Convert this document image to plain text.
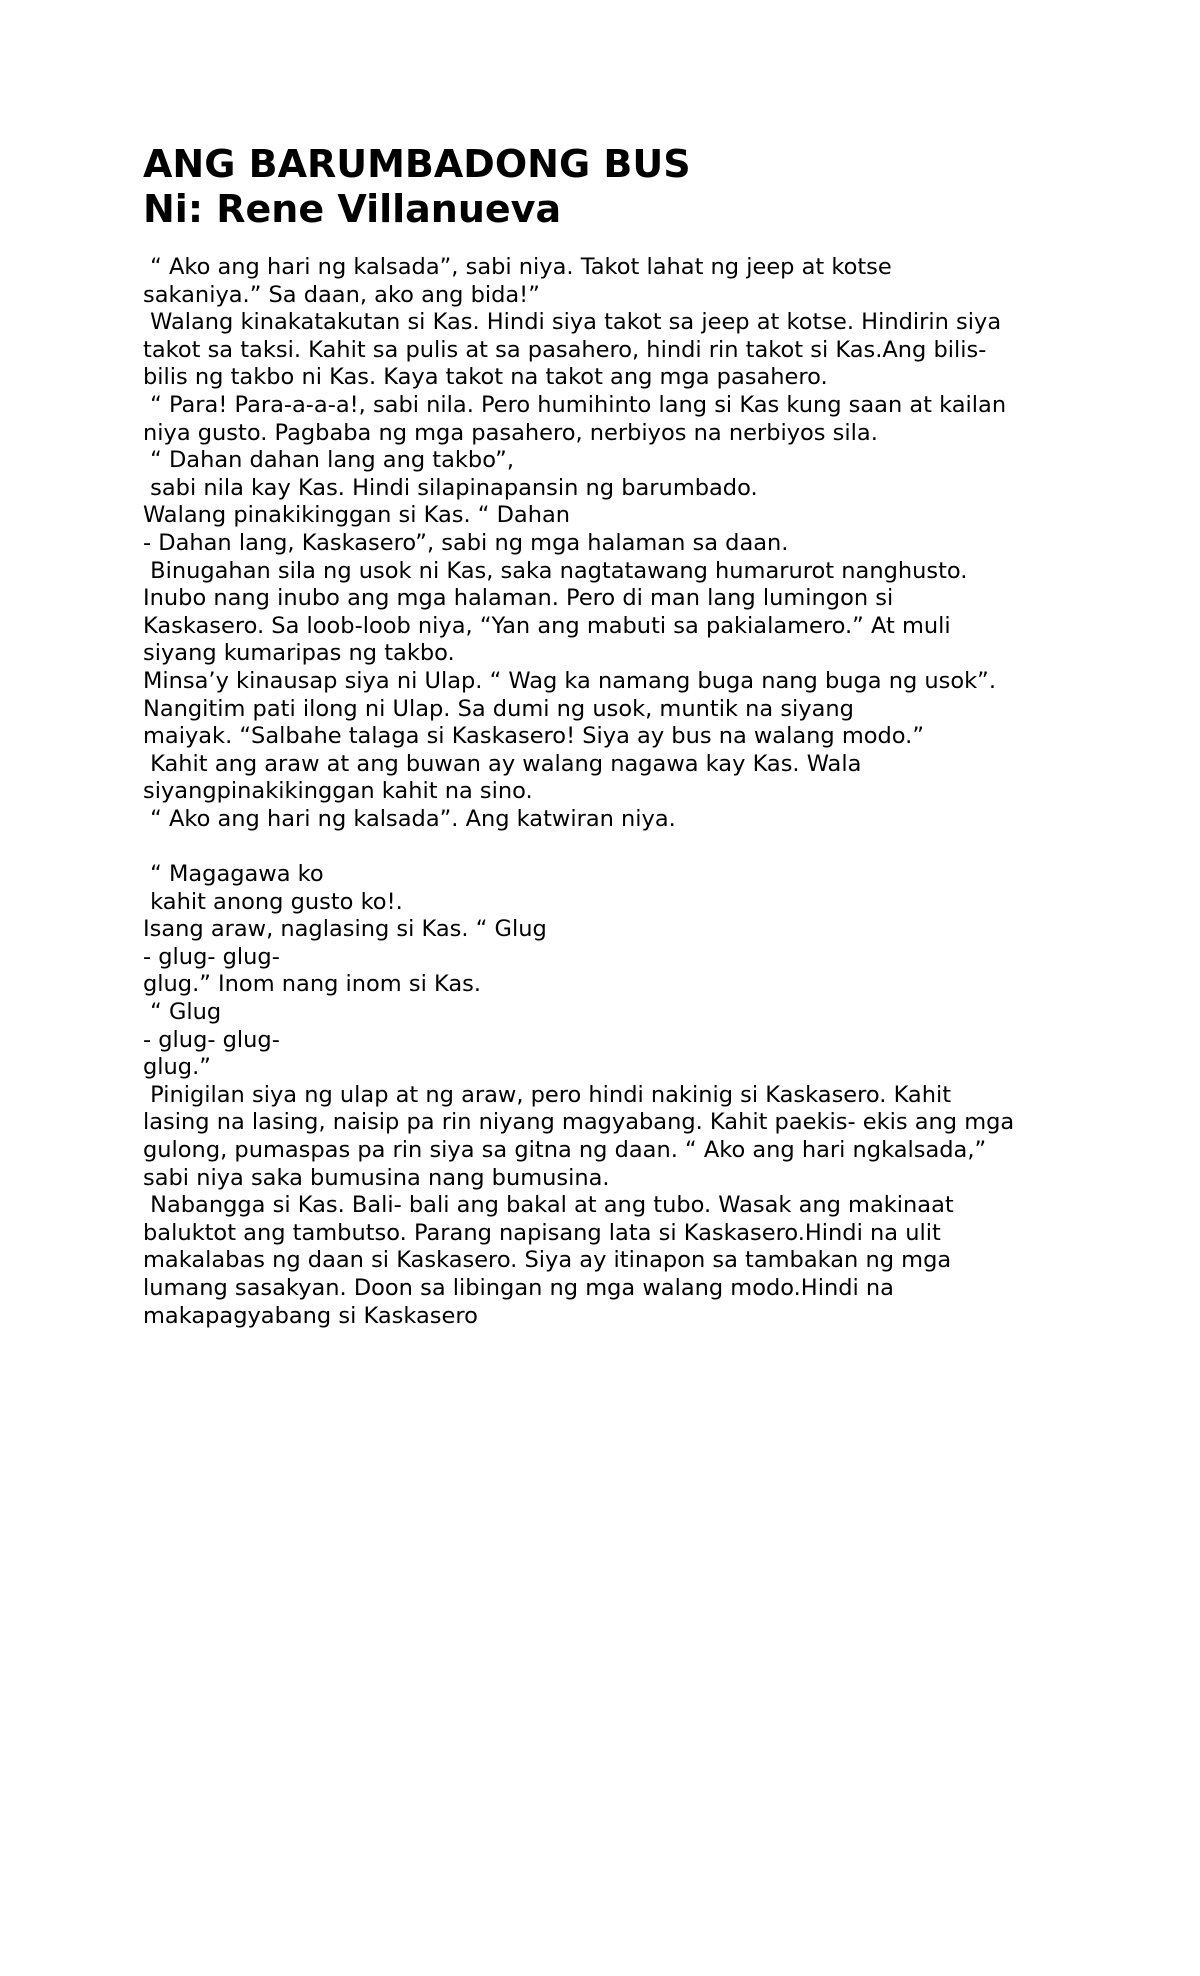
ANG BARUMBADONG BUS
Ni: Rene Villanueva
“ Ako ang hari ng kalsada”, sabi niya. Takot lahat ng jeep at kotse
sakaniya.” Sa daan, ako ang bida!”
Walang kinakatakutan si Kas. Hindi siya takot sa jeep at kotse. Hindirin siya
takot sa taksi. Kahit sa pulis at sa pasahero, hindi rin takot si Kas.Ang bilis-
bilis ng takbo ni Kas. Kaya takot na takot ang mga pasahero.
“ Para! Para-a-a-a!, sabi nila. Pero humihinto lang si Kas kung saan at kailan
niya gusto. Pagbaba ng mga pasahero, nerbiyos na nerbiyos sila.
“ Dahan dahan lang ang takbo”,
sabi nila kay Kas. Hindi silapinapansin ng barumbado.
Walang pinakikinggan si Kas. “ Dahan
- Dahan lang, Kaskasero”, sabi ng mga halaman sa daan.
Binugahan sila ng usok ni Kas, saka nagtatawang humarurot nanghusto.
Inubo nang inubo ang mga halaman. Pero di man lang lumingon si
Kaskasero. Sa loob-loob niya, “Yan ang mabuti sa pakialamero.” At muli
siyang kumaripas ng takbo.
Minsa’y kinausap siya ni Ulap. “ Wag ka namang buga nang buga ng usok”.
Nangitim pati ilong ni Ulap. Sa dumi ng usok, muntik na siyang
maiyak. “Salbahe talaga si Kaskasero! Siya ay bus na walang modo.”
Kahit ang araw at ang buwan ay walang nagawa kay Kas. Wala
siyangpinakikinggan kahit na sino.
“ Ako ang hari ng kalsada”. Ang katwiran niya.
“ Magagawa ko
kahit anong gusto ko!.
Isang araw, naglasing si Kas. “ Glug
- glug- glug-
glug.” Inom nang inom si Kas.
“ Glug
- glug- glug-
glug.”
Pinigilan siya ng ulap at ng araw, pero hindi nakinig si Kaskasero. Kahit
lasing na lasing, naisip pa rin niyang magyabang. Kahit paekis- ekis ang mga
gulong, pumaspas pa rin siya sa gitna ng daan. “ Ako ang hari ngkalsada,”
sabi niya saka bumusina nang bumusina.
Nabangga si Kas. Bali- bali ang bakal at ang tubo. Wasak ang makinaat
baluktot ang tambutso. Parang napisang lata si Kaskasero.Hindi na ulit
makalabas ng daan si Kaskasero. Siya ay itinapon sa tambakan ng mga
lumang sasakyan. Doon sa libingan ng mga walang modo.Hindi na
makapagyabang si Kaskasero
